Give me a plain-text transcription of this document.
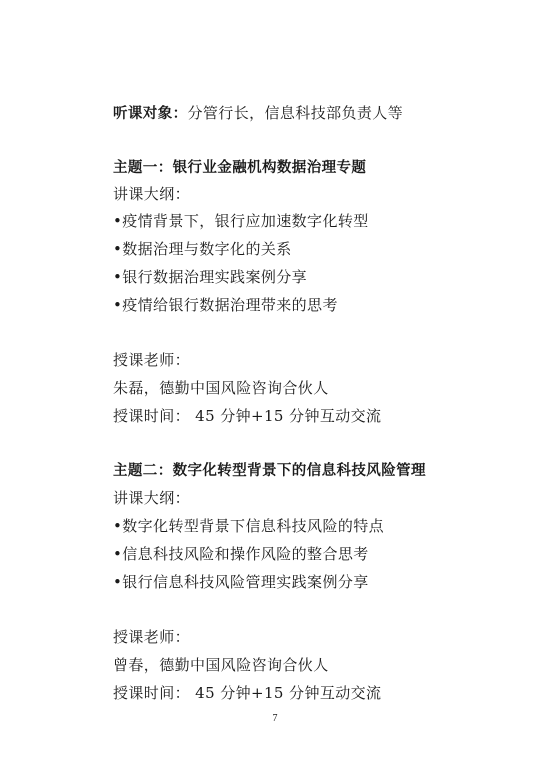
听课对象：分管行长，信息科技部负责人等
主题一：银行业金融机构数据治理专题
讲课大纲：
•疫情背景下，银行应加速数字化转型
•数据治理与数字化的关系
•银行数据治理实践案例分享
•疫情给银行数据治理带来的思考
授课老师：
朱磊，德勤中国风险咨询合伙人
授课时间： 45 分钟+15 分钟互动交流
主题二：数字化转型背景下的信息科技风险管理
讲课大纲：
•数字化转型背景下信息科技风险的特点
•信息科技风险和操作风险的整合思考
•银行信息科技风险管理实践案例分享
授课老师：
曾春，德勤中国风险咨询合伙人
授课时间： 45 分钟+15 分钟互动交流
7
